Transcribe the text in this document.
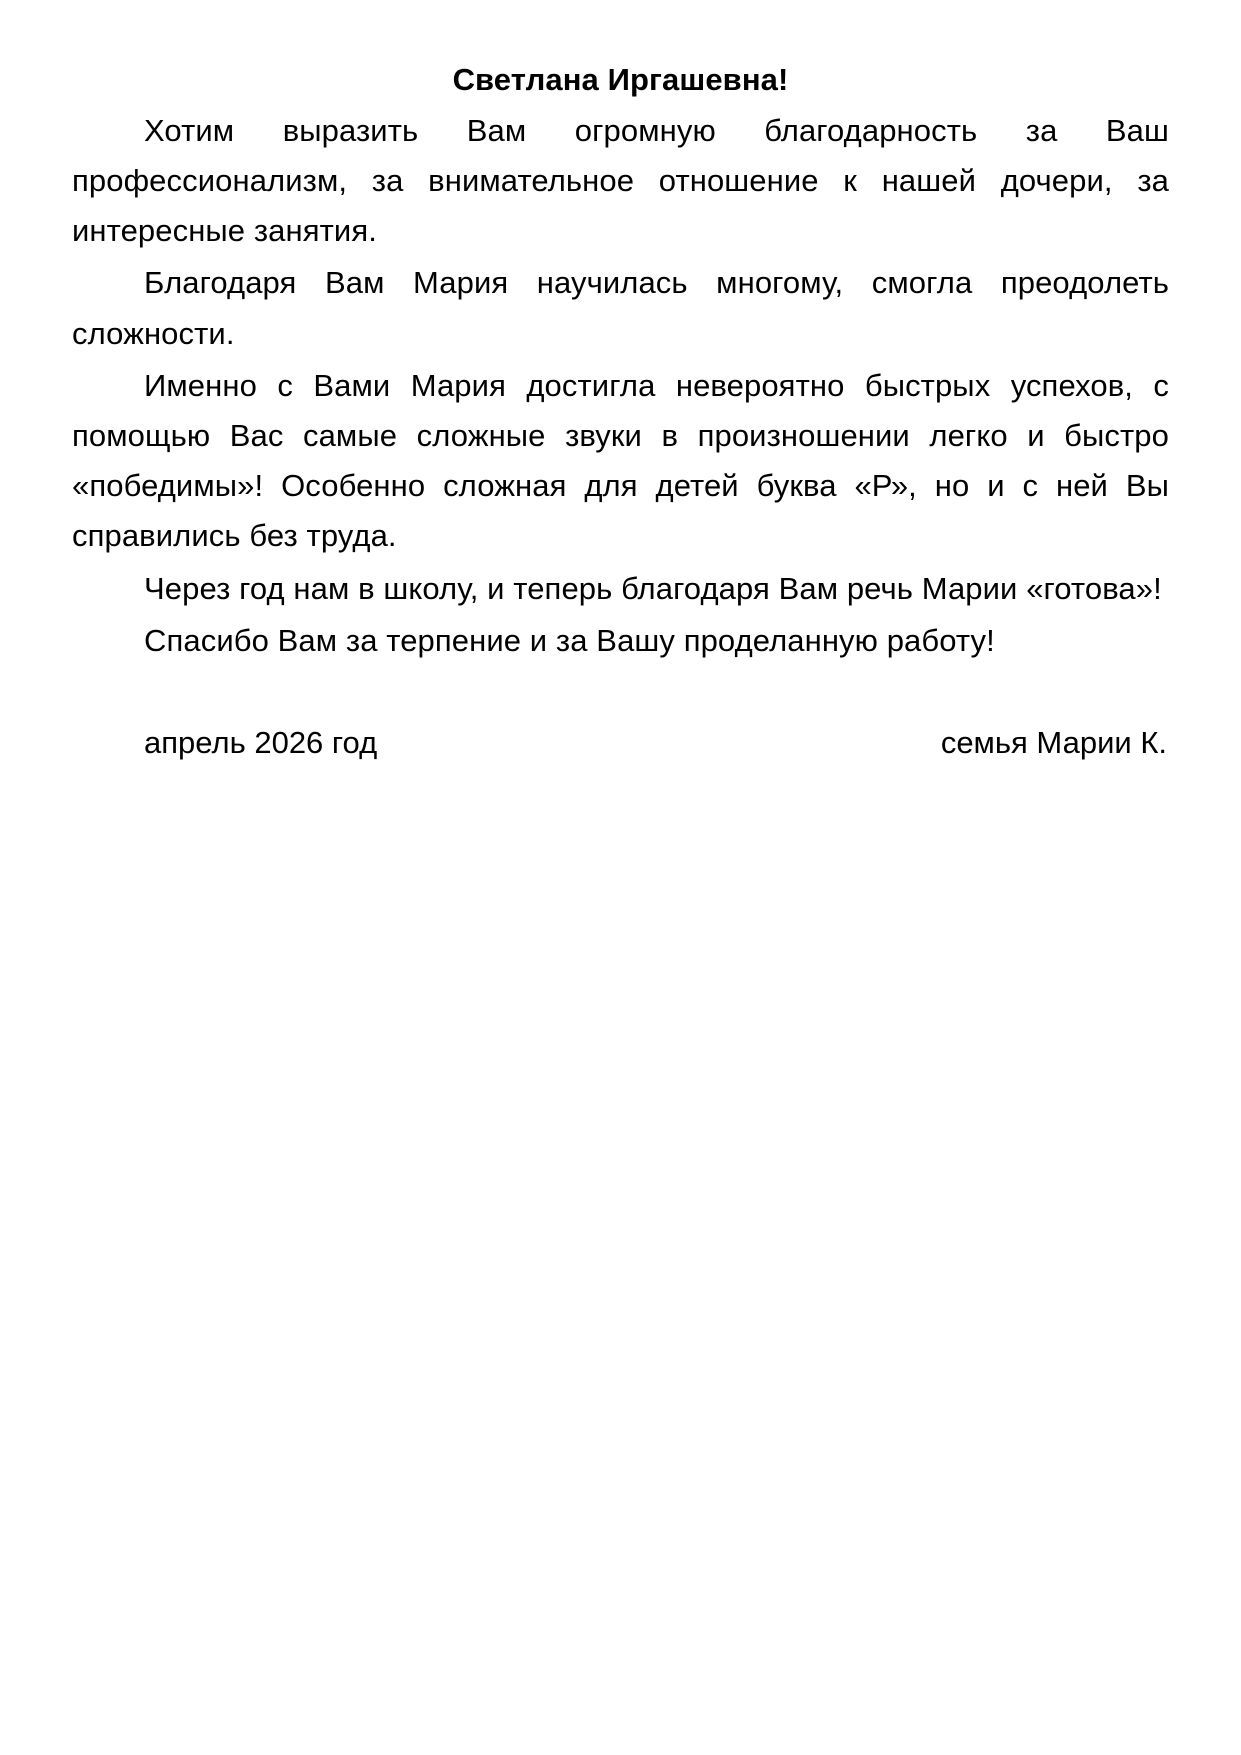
Светлана Иргашевна!

Хотим выразить Вам огромную благодарность за Ваш профессионализм, за внимательное отношение к нашей дочери, за интересные занятия.

Благодаря Вам Мария научилась многому, смогла преодолеть сложности.

Именно с Вами Мария достигла невероятно быстрых успехов, с помощью Вас самые сложные звуки в произношении легко и быстро «победимы»! Особенно сложная для детей буква «Р», но и с ней Вы справились без труда.

Через год нам в школу, и теперь благодаря Вам речь Марии «готова»!

Спасибо Вам за терпение и за Вашу проделанную работу!

апрель 2026 год	семья Марии К.
